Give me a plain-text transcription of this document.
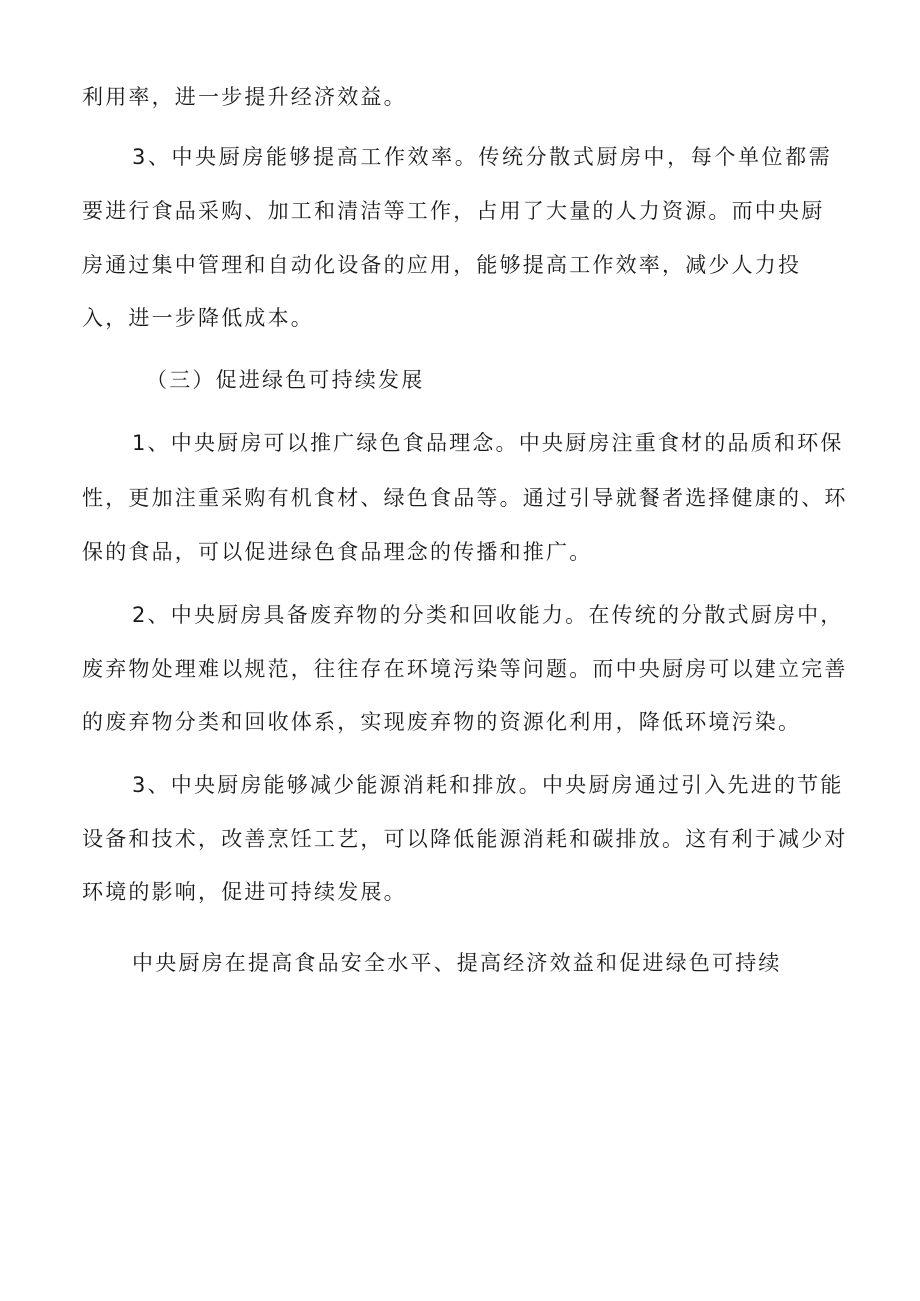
利用率，进一步提升经济效益。

3、中央厨房能够提高工作效率。传统分散式厨房中，每个单位都需

要进行食品采购、加工和清洁等工作，占用了大量的人力资源。而中央厨

房通过集中管理和自动化设备的应用，能够提高工作效率，减少人力投

入，进一步降低成本。

（三）促进绿色可持续发展

1、中央厨房可以推广绿色食品理念。中央厨房注重食材的品质和环保

性，更加注重采购有机食材、绿色食品等。通过引导就餐者选择健康的、环

保的食品，可以促进绿色食品理念的传播和推广。

2、中央厨房具备废弃物的分类和回收能力。在传统的分散式厨房中，

废弃物处理难以规范，往往存在环境污染等问题。而中央厨房可以建立完善

的废弃物分类和回收体系，实现废弃物的资源化利用，降低环境污染。

3、中央厨房能够减少能源消耗和排放。中央厨房通过引入先进的节能

设备和技术，改善烹饪工艺，可以降低能源消耗和碳排放。这有利于减少对

环境的影响，促进可持续发展。

中央厨房在提高食品安全水平、提高经济效益和促进绿色可持续
